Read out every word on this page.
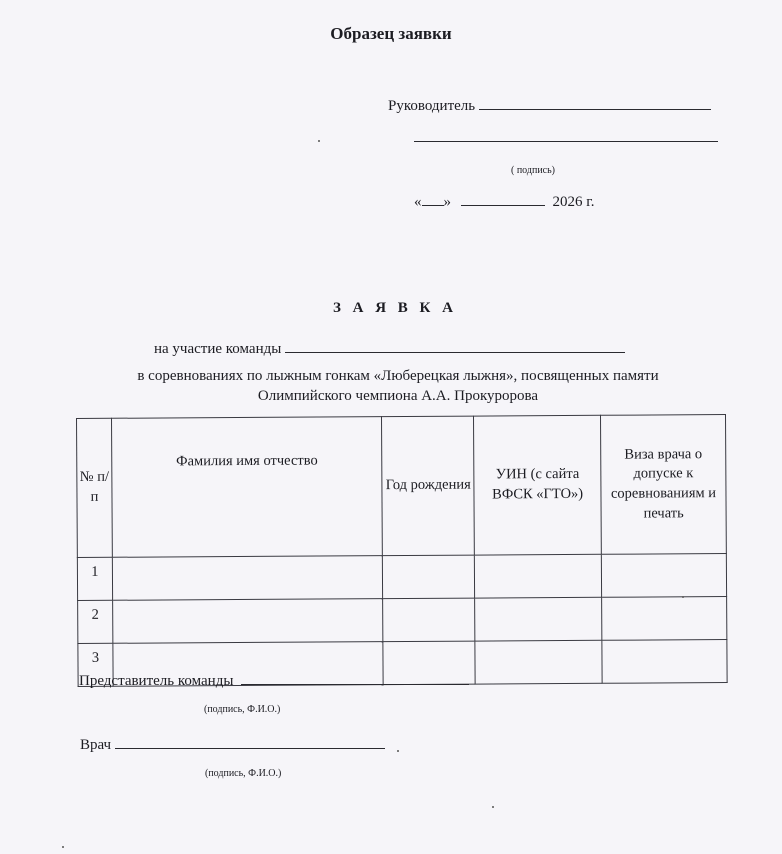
Образец заявки
Руководитель
( подпись)
« »	2026 г.
З А Я В К А
на участие команды
в соревнованиях по лыжным гонкам «Люберецкая лыжня», посвященных памяти
Олимпийского чемпиона А.А. Прокуророва
№ п/п	Фамилия имя отчество	Год рождения	УИН (с сайта ВФСК «ГТО»)	Виза врача о допуске к соревнованиям и печать
1				
2				
3				
Представитель команды
(подпись, Ф.И.О.)
Врач
(подпись, Ф.И.О.)
